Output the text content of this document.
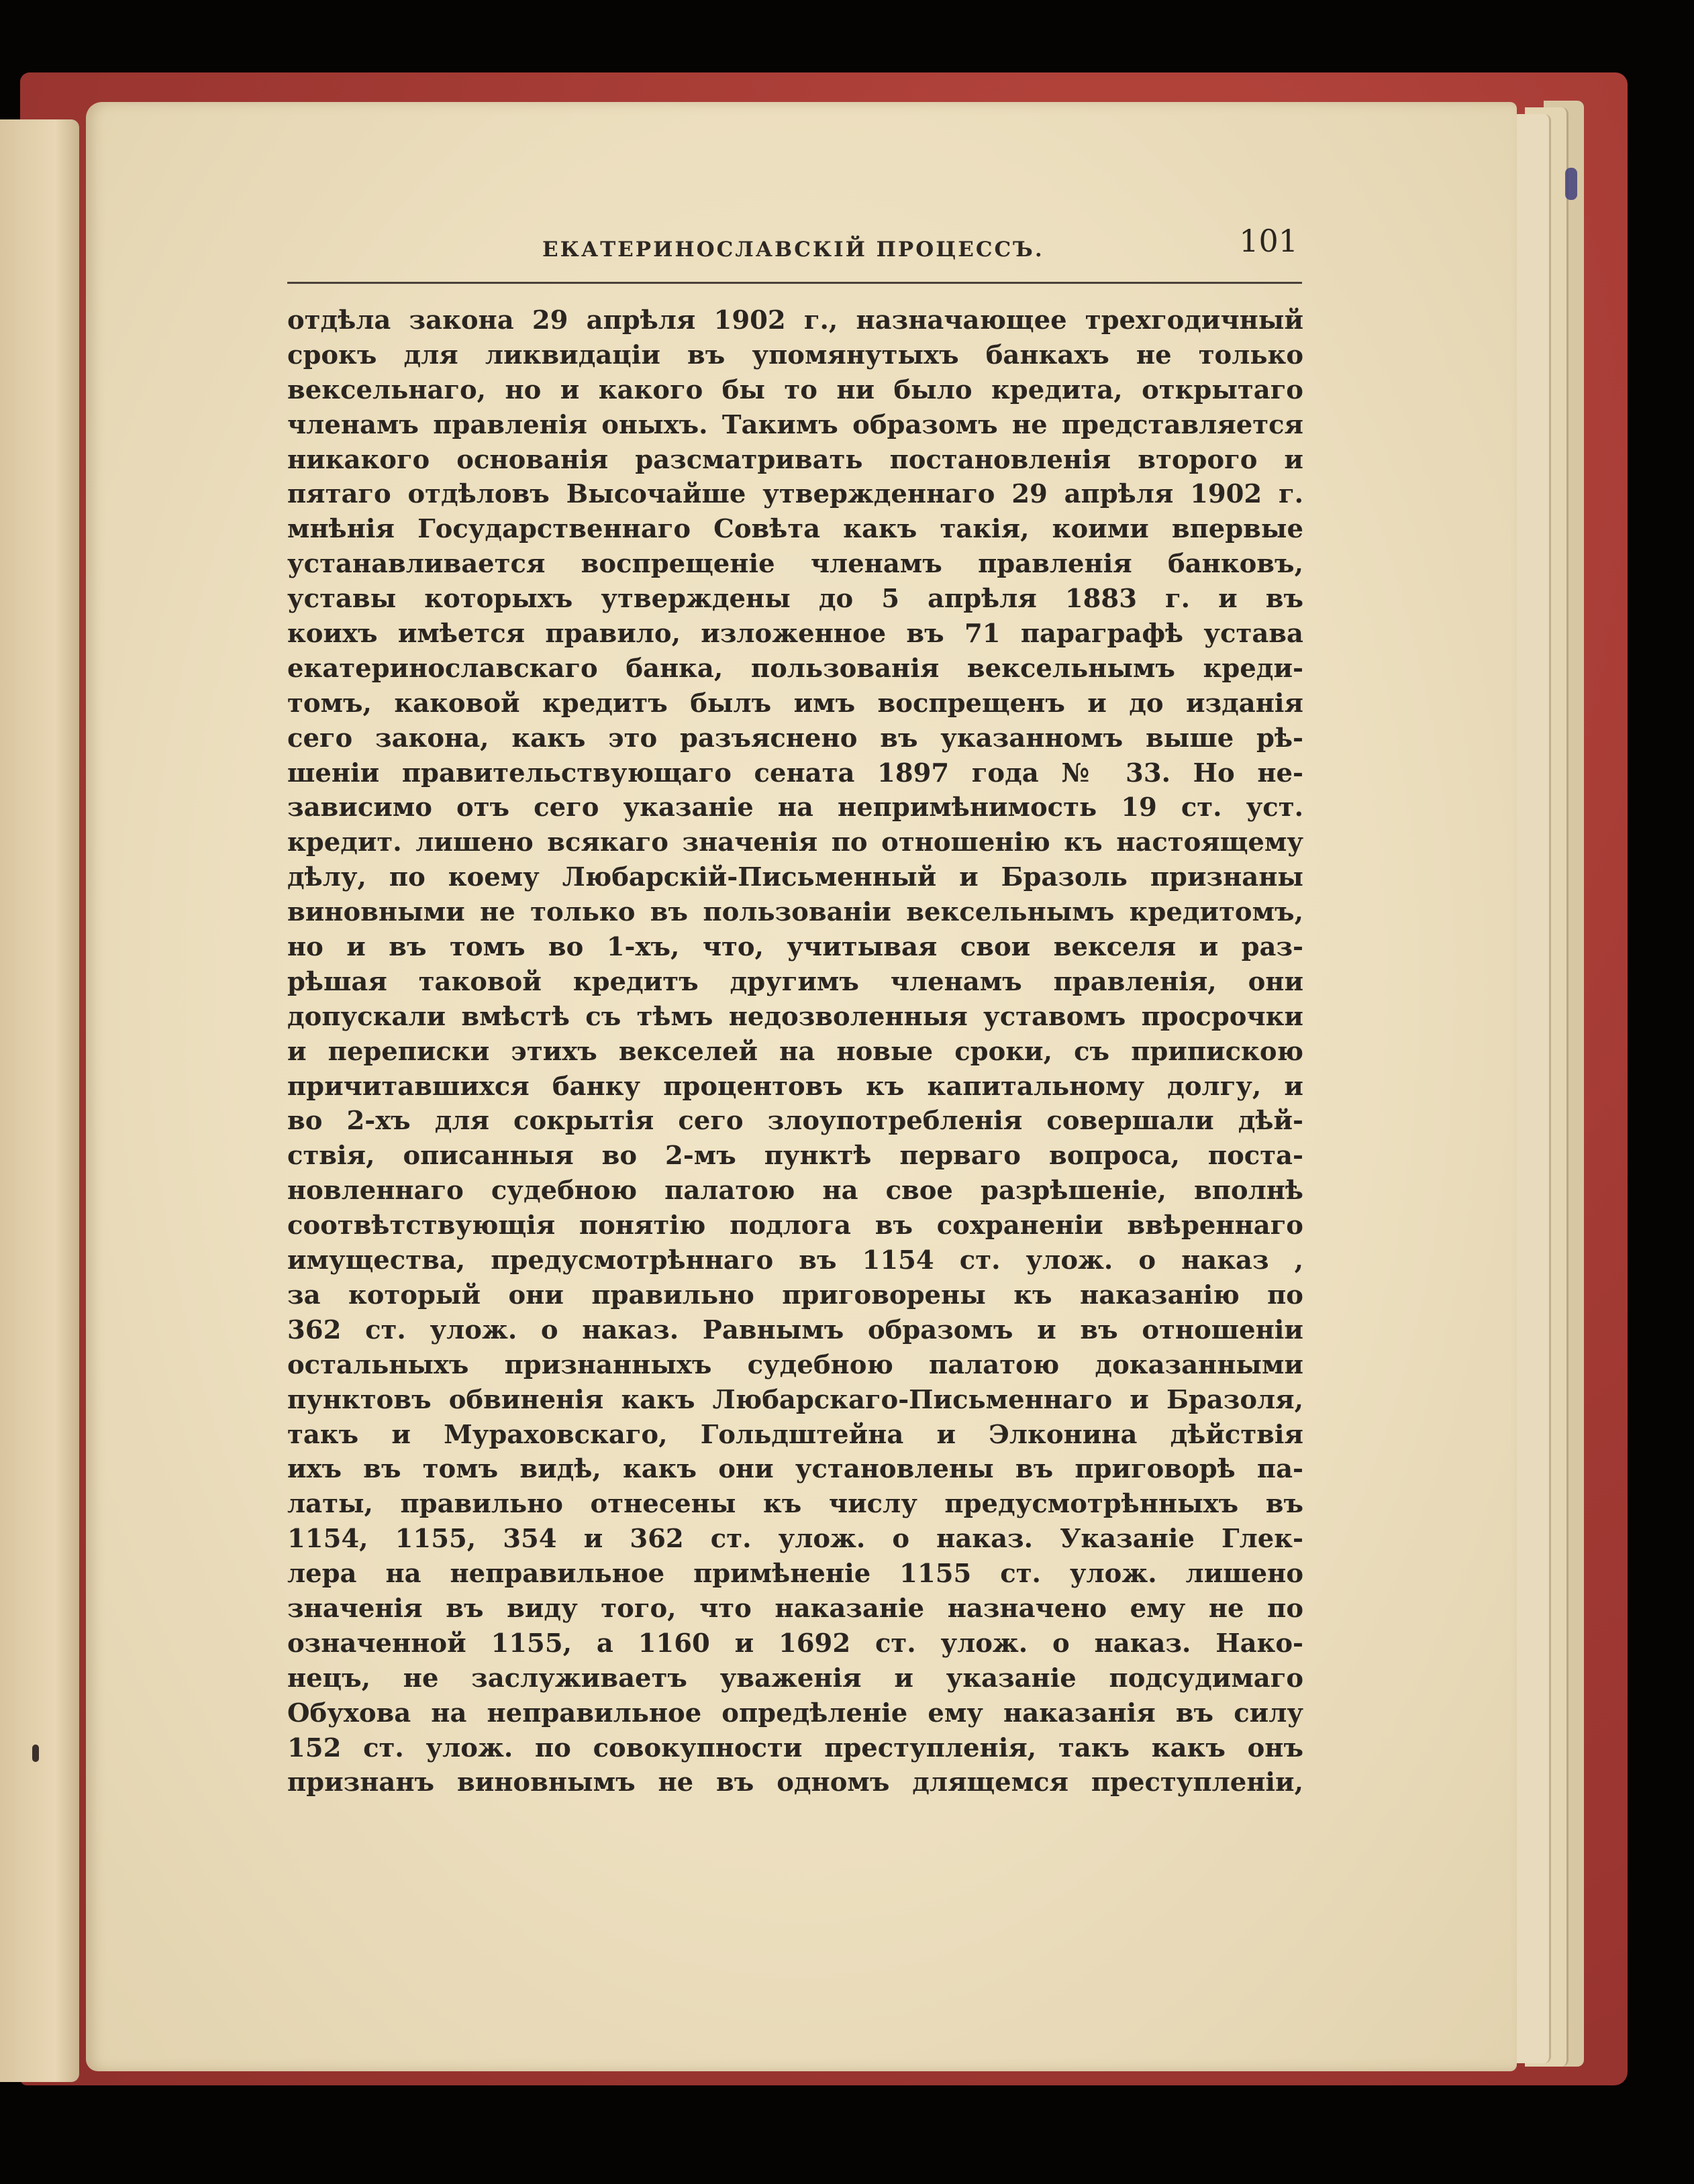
ЕКАТЕРИНОСЛАВСКІЙ ПРОЦЕССЪ.	101
отдѣла закона 29 апрѣля 1902 г., назначающее трехгодичный
срокъ для ликвидаціи въ упомянутыхъ банкахъ не только
вексельнаго, но и какого бы то ни было кредита, открытаго
членамъ правленія оныхъ. Такимъ образомъ не представляется
никакого основанія разсматривать постановленія второго и
пятаго отдѣловъ Высочайше утвержденнаго 29 апрѣля 1902 г.
мнѣнія Государственнаго Совѣта какъ такія, коими впервые
устанавливается воспрещеніе членамъ правленія банковъ,
уставы которыхъ утверждены до 5 апрѣля 1883 г. и въ
коихъ имѣется правило, изложенное въ 71 параграфѣ устава
екатеринославскаго банка, пользованія вексельнымъ креди-
томъ, каковой кредитъ былъ имъ воспрещенъ и до изданія
сего закона, какъ это разъяснено въ указанномъ выше рѣ-
шеніи правительствующаго сената 1897 года № 33. Но не-
зависимо отъ сего указаніе на непримѣнимость 19 ст. уст.
кредит. лишено всякаго значенія по отношенію къ настоящему
дѣлу, по коему Любарскій-Письменный и Бразоль признаны
виновными не только въ пользованіи вексельнымъ кредитомъ,
но и въ томъ во 1-хъ, что, учитывая свои векселя и раз-
рѣшая таковой кредитъ другимъ членамъ правленія, они
допускали вмѣстѣ съ тѣмъ недозволенныя уставомъ просрочки
и переписки этихъ векселей на новые сроки, съ припискою
причитавшихся банку процентовъ къ капитальному долгу, и
во 2-хъ для сокрытія сего злоупотребленія совершали дѣй-
ствія, описанныя во 2-мъ пунктѣ перваго вопроса, поста-
новленнаго судебною палатою на свое разрѣшеніе, вполнѣ
соотвѣтствующія понятію подлога въ сохраненіи ввѣреннаго
имущества, предусмотрѣннаго въ 1154 ст. улож. о наказ ,
за который они правильно приговорены къ наказанію по
362 ст. улож. о наказ. Равнымъ образомъ и въ отношеніи
остальныхъ признанныхъ судебною палатою доказанными
пунктовъ обвиненія какъ Любарскаго-Письменнаго и Бразоля,
такъ и Мураховскаго, Гольдштейна и Элконина дѣйствія
ихъ въ томъ видѣ, какъ они установлены въ приговорѣ па-
латы, правильно отнесены къ числу предусмотрѣнныхъ въ
1154, 1155, 354 и 362 ст. улож. о наказ. Указаніе Глек-
лера на неправильное примѣненіе 1155 ст. улож. лишено
значенія въ виду того, что наказаніе назначено ему не по
означенной 1155, а 1160 и 1692 ст. улож. о наказ. Нако-
нецъ, не заслуживаетъ уваженія и указаніе подсудимаго
Обухова на неправильное опредѣленіе ему наказанія въ силу
152 ст. улож. по совокупности преступленія, такъ какъ онъ
признанъ виновнымъ не въ одномъ длящемся преступленіи,
